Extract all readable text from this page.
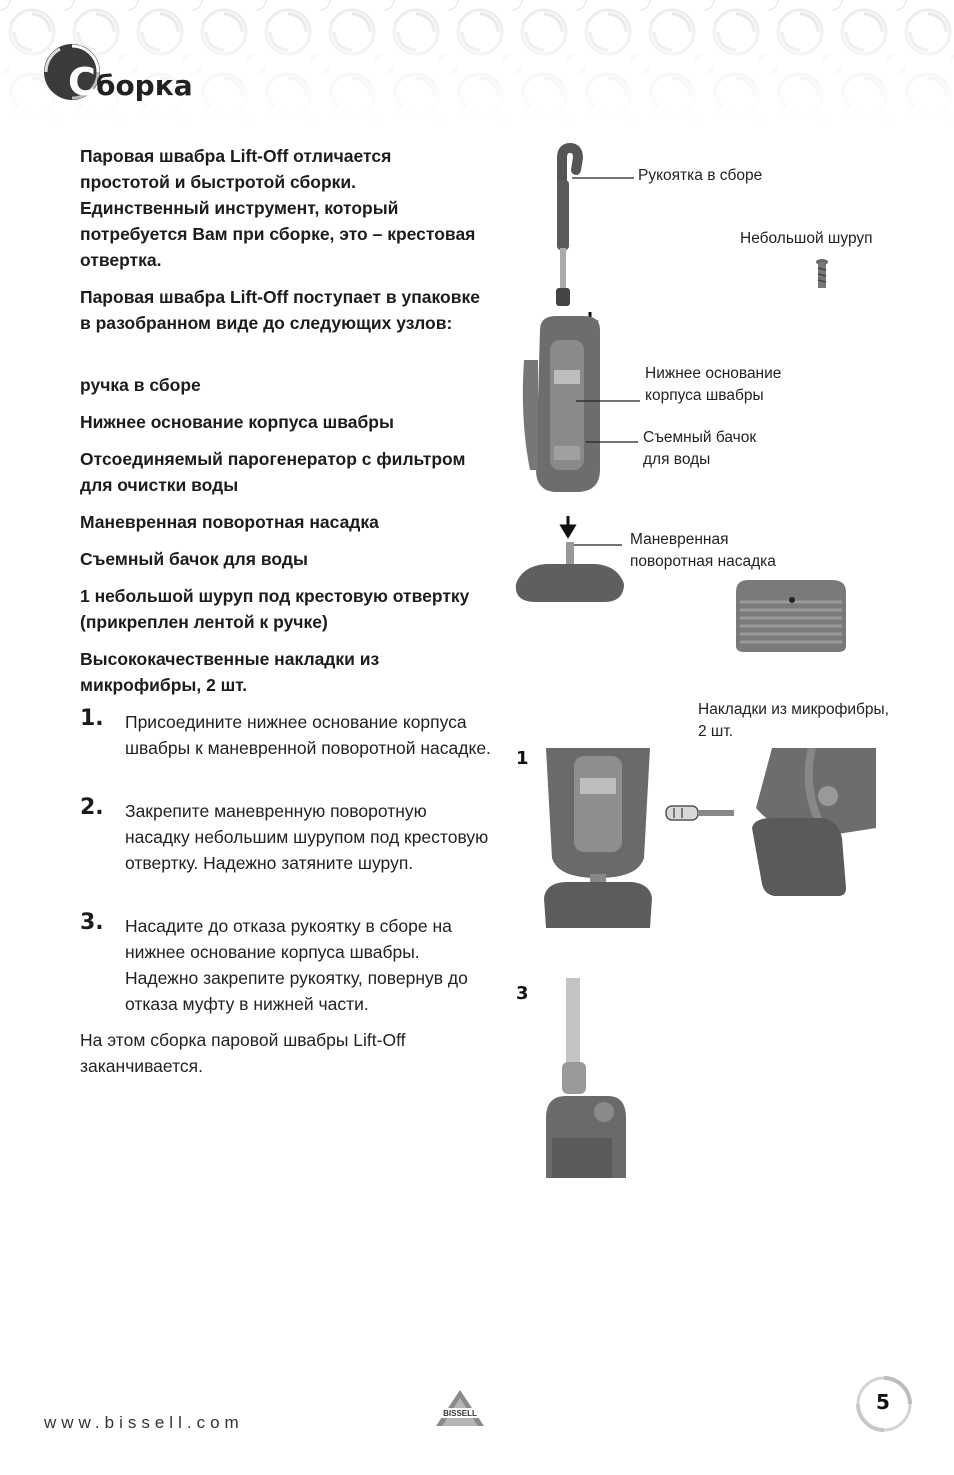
Сборка

Паровая швабра Lift-Off отличается простотой и быстротой сборки. Единственный инструмент, который потребуется Вам при сборке, это – крестовая отвертка.

Паровая швабра Lift-Off поступает в упаковке в разобранном виде до следующих узлов:

ручка в сборе

Нижнее основание корпуса швабры

Отсоединяемый парогенератор с фильтром для очистки воды

Маневренная поворотная насадка

Съемный бачок для воды

1 небольшой шуруп под крестовую отвертку (прикреплен лентой к ручке)

Высококачественные накладки из микрофибры, 2 шт.

1. Присоедините нижнее основание корпуса швабры к маневренной поворотной насадке.

2. Закрепите маневренную поворотную насадку небольшим шурупом под крестовую отвертку. Надежно затяните шуруп.

3. Насадите до отказа рукоятку в сборе на нижнее основание корпуса швабры. Надежно закрепите рукоятку, повернув до отказа муфту в нижней части.

На этом сборка паровой швабры Lift-Off заканчивается.

Рукоятка в сборе
Небольшой шуруп
Нижнее основание
корпуса швабры
Съемный бачок
для воды
Маневренная
поворотная насадка
Накладки из микрофибры,
2 шт.
1
3
www.bissell.com	BISSELL	5
